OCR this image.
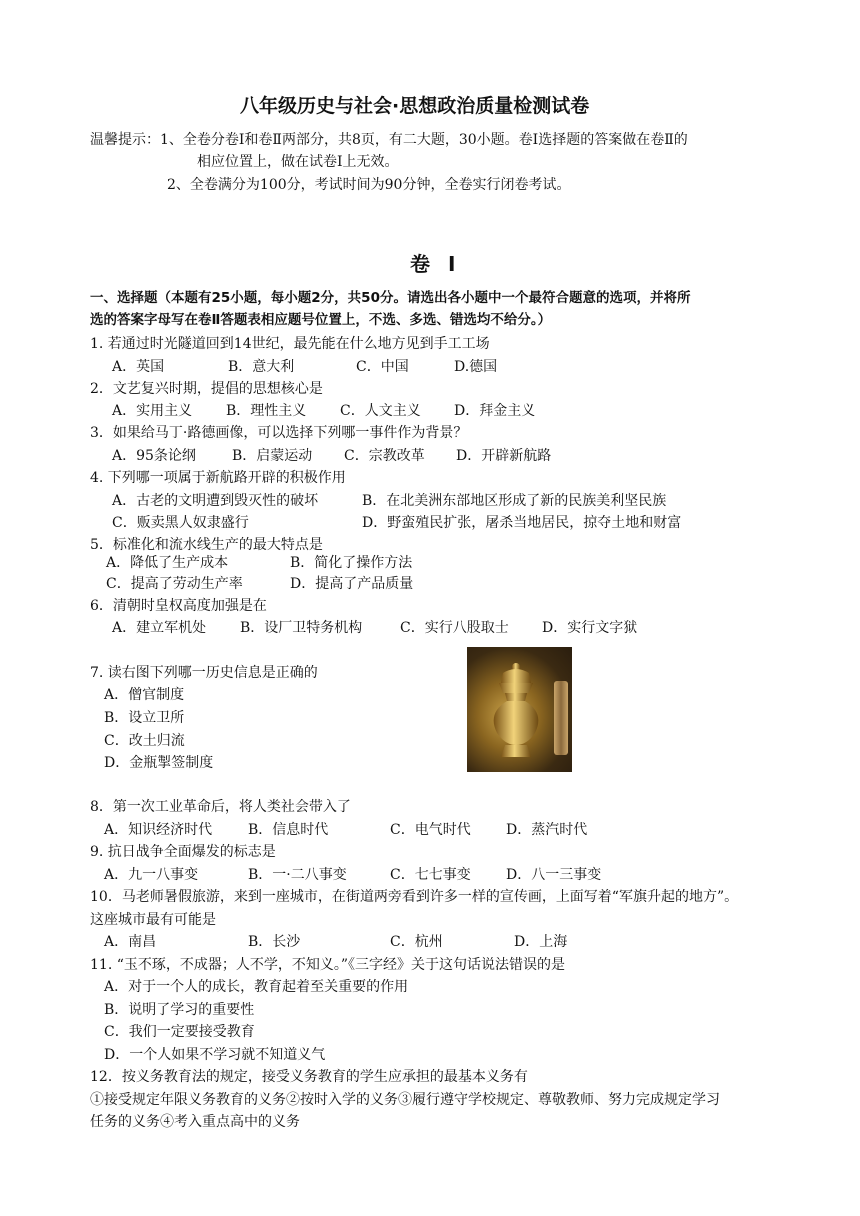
八年级历史与社会·思想政治质量检测试卷
温馨提示：1、全卷分卷Ⅰ和卷Ⅱ两部分，共8页，有二大题，30小题。卷Ⅰ选择题的答案做在卷Ⅱ的
相应位置上，做在试卷Ⅰ上无效。
2、全卷满分为100分，考试时间为90分钟，全卷实行闭卷考试。
卷Ⅰ
一、选择题（本题有25小题，每小题2分，共50分。请选出各小题中一个最符合题意的选项，并将所
选的答案字母写在卷Ⅱ答题表相应题号位置上，不选、多选、错选均不给分。）
1. 若通过时光隧道回到14世纪，最先能在什么地方见到手工工场
A．英国	B．意大利	C．中国	D.德国
2．文艺复兴时期，提倡的思想核心是
A．实用主义 B．理性主义 C．人文主义 D．拜金主义
3．如果给马丁·路德画像，可以选择下列哪一事件作为背景？
A．95条论纲	B．启蒙运动 C．宗教改革 D．开辟新航路
4. 下列哪一项属于新航路开辟的积极作用
A．古老的文明遭到毁灭性的破坏	B．在北美洲东部地区形成了新的民族美利坚民族
C．贩卖黑人奴隶盛行	D．野蛮殖民扩张，屠杀当地居民，掠夺土地和财富
5．标准化和流水线生产的最大特点是
A．降低了生产成本	B．简化了操作方法
C．提高了劳动生产率	D．提高了产品质量
6．清朝时皇权高度加强是在
A．建立军机处 B．设厂卫特务机构	C．实行八股取士 D．实行文字狱
7. 读右图下列哪一历史信息是正确的
A．僧官制度
B．设立卫所
C．改土归流
D．金瓶掣签制度
8．第一次工业革命后，将人类社会带入了
A．知识经济时代	B．信息时代	C．电气时代	D．蒸汽时代
9. 抗日战争全面爆发的标志是
A．九一八事变	B．一·二八事变	C．七七事变	D．八一三事变
10．马老师暑假旅游，来到一座城市，在街道两旁看到许多一样的宣传画，上面写着“军旗升起的地方”。
这座城市最有可能是
A．南昌	B．长沙	C．杭州	D．上海
11. “玉不琢，不成器；人不学，不知义。”《三字经》关于这句话说法错误的是
A．对于一个人的成长，教育起着至关重要的作用
B．说明了学习的重要性
C．我们一定要接受教育
D．一个人如果不学习就不知道义气
12．按义务教育法的规定，接受义务教育的学生应承担的最基本义务有
①接受规定年限义务教育的义务②按时入学的义务③履行遵守学校规定、尊敬教师、努力完成规定学习
任务的义务④考入重点高中的义务
